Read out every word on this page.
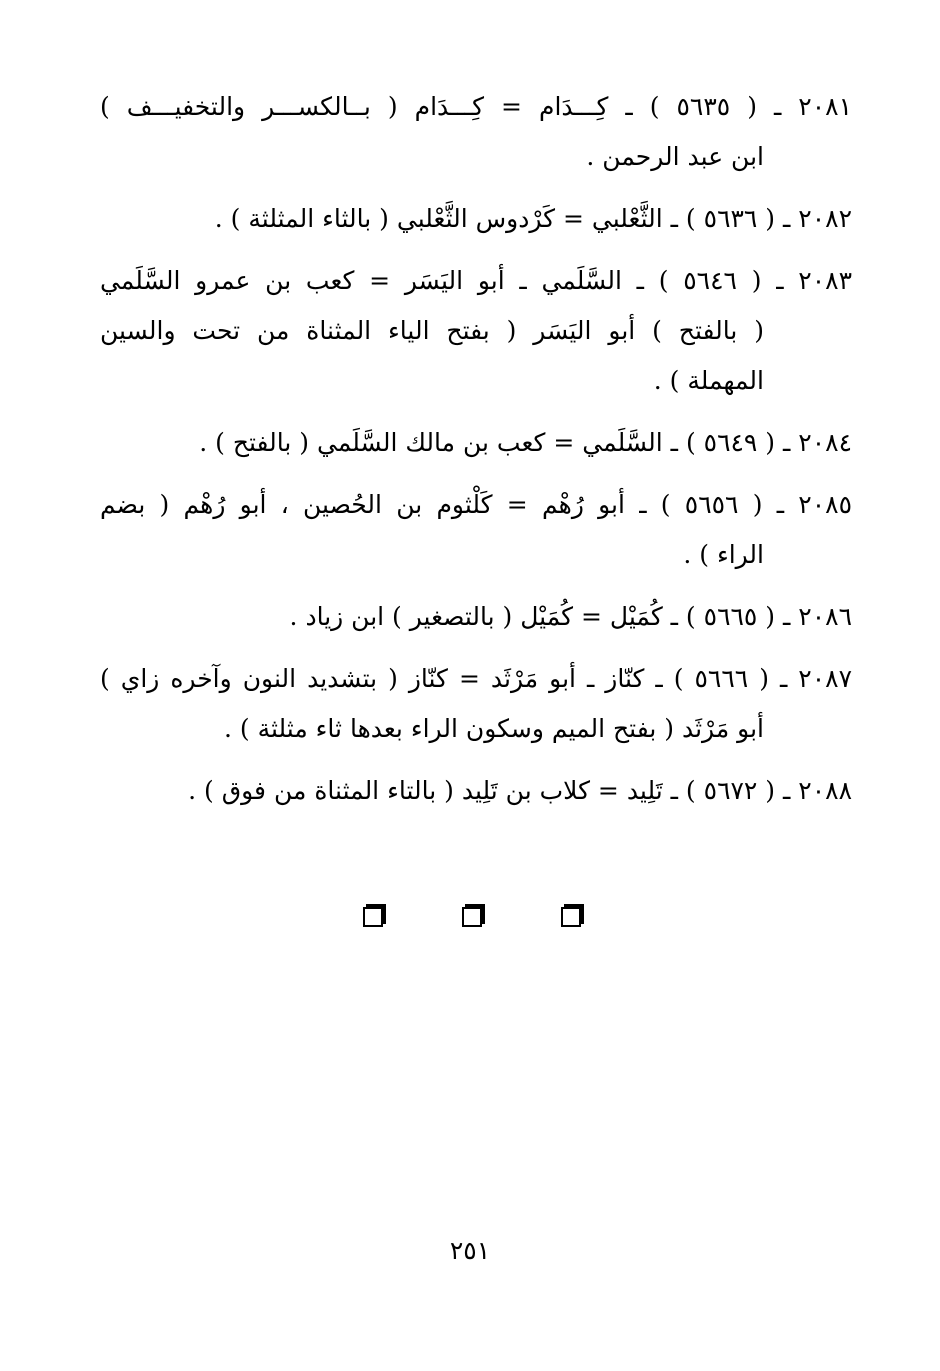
٢٠٨١ ـ ( ٥٦٣٥ ) ـ كِـــدَام = كِـــدَام ( بــالكســـر والتخفيـــف )

ابن عبد الرحمن .

٢٠٨٢ ـ ( ٥٦٣٦ ) ـ الثَّعْلبي = كَرْدوس الثَّعْلبي ( بالثاء المثلثة ) .

٢٠٨٣ ـ ( ٥٦٤٦ ) ـ السَّلَمي ـ أبو اليَسَر = كعب بن عمرو السَّلَمي

( بالفتح ) أبو اليَسَر ( بفتح الياء المثناة من تحت والسين

المهملة ) .

٢٠٨٤ ـ ( ٥٦٤٩ ) ـ السَّلَمي = كعب بن مالك السَّلَمي ( بالفتح ) .

٢٠٨٥ ـ ( ٥٦٥٦ ) ـ أبو رُهْم = كَلْثوم بن الحُصين ، أبو رُهْم ( بضم

الراء ) .

٢٠٨٦ ـ ( ٥٦٦٥ ) ـ كُمَيْل = كُمَيْل ( بالتصغير ) ابن زياد .

٢٠٨٧ ـ ( ٥٦٦٦ ) ـ كنّاز ـ أبو مَرْثَد = كنّاز ( بتشديد النون وآخره زاي )

أبو مَرْثَد ( بفتح الميم وسكون الراء بعدها ثاء مثلثة ) .

٢٠٨٨ ـ ( ٥٦٧٢ ) ـ تَلِيد = كلاب بن تَلِيد ( بالتاء المثناة من فوق ) .

٢٥١
